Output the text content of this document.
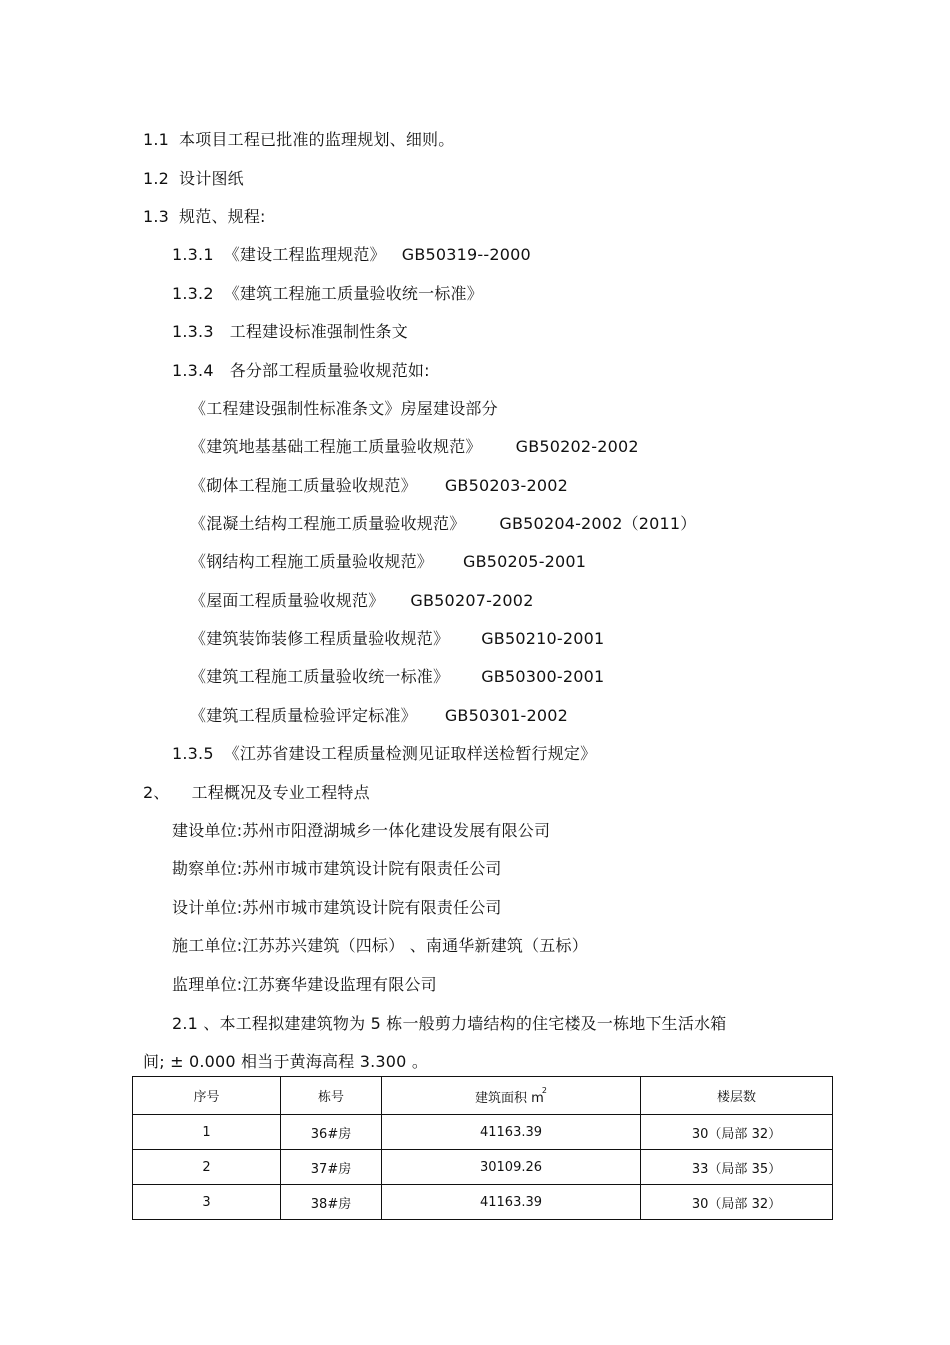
1.1 本项目工程已批准的监理规划、细则。
1.2 设计图纸
1.3 规范、规程:
1.3.1 《建设工程监理规范》 GB50319--2000
1.3.2 《建筑工程施工质量验收统一标准》
1.3.3 工程建设标准强制性条文
1.3.4 各分部工程质量验收规范如:
《工程建设强制性标准条文》房屋建设部分
《建筑地基基础工程施工质量验收规范》 GB50202-2002
《砌体工程施工质量验收规范》 GB50203-2002
《混凝土结构工程施工质量验收规范》 GB50204-2002（2011）
《钢结构工程施工质量验收规范》 GB50205-2001
《屋面工程质量验收规范》 GB50207-2002
《建筑装饰装修工程质量验收规范》 GB50210-2001
《建筑工程施工质量验收统一标准》 GB50300-2001
《建筑工程质量检验评定标准》 GB50301-2002
1.3.5 《江苏省建设工程质量检测见证取样送检暂行规定》
2、 工程概况及专业工程特点
建设单位:苏州市阳澄湖城乡一体化建设发展有限公司
勘察单位:苏州市城市建筑设计院有限责任公司
设计单位:苏州市城市建筑设计院有限责任公司
施工单位:江苏苏兴建筑（四标） 、南通华新建筑（五标）
监理单位:江苏赛华建设监理有限公司
2.1 、本工程拟建建筑物为 5 栋一般剪力墙结构的住宅楼及一栋地下生活水箱
间; ± 0.000 相当于黄海高程 3.300 。
序号	栋号	建筑面积 $m^2$	楼层数
1	36#房	41163.39	30（局部 32）
2	37#房	30109.26	33（局部 35）
3	38#房	41163.39	30（局部 32）
